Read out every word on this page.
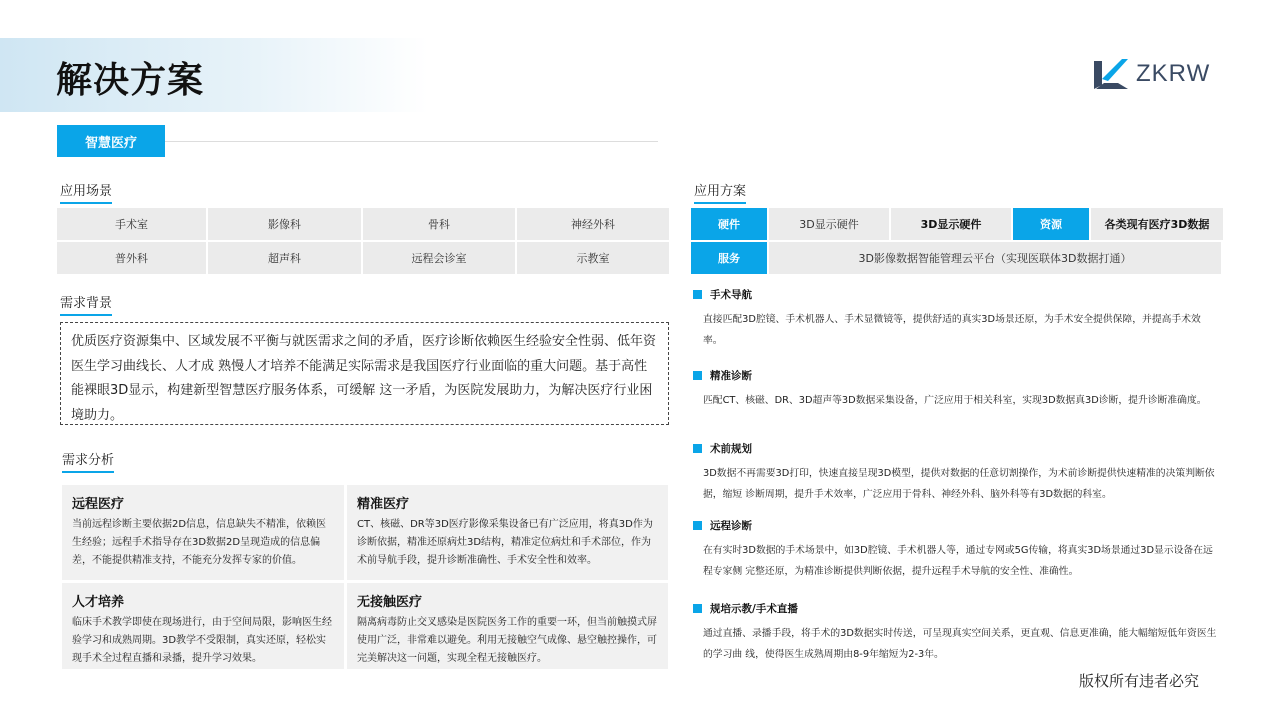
解决方案	ZKRW
智慧医疗
应用场景
手术室	影像科	骨科	神经外科
普外科	超声科	远程会诊室	示教室
需求背景
优质医疗资源集中、区域发展不平衡与就医需求之间的矛盾，医疗诊断依赖医生经验安全性弱、低年资医生学习曲线长、人才成 熟慢人才培养不能满足实际需求是我国医疗行业面临的重大问题。基于高性能裸眼3D显示，构建新型智慧医疗服务体系，可缓解 这一矛盾，为医院发展助力，为解决医疗行业困境助力。
需求分析
远程医疗
当前远程诊断主要依据2D信息，信息缺失不精准，依赖医生经验；远程手术指导存在3D数据2D呈现造成的信息偏 差，不能提供精准支持，不能充分发挥专家的价值。
精准医疗
CT、核磁、DR等3D医疗影像采集设备已有广泛应用，将真3D作为诊断依据，精准还原病灶3D结构，精准定位病灶和手术部位，作为术前导航手段，提升诊断准确性、手术安全性和效率。
人才培养
临床手术教学即使在现场进行，由于空间局限，影响医生经验学习和成熟周期。3D教学不受限制，真实还原，轻松实现手术全过程直播和录播，提升学习效果。
无接触医疗
隔离病毒防止交叉感染是医院医务工作的重要一环，但当前触摸式屏使用广泛，非常难以避免。利用无接触空气成像、悬空触控操作，可完美解决这一问题，实现全程无接触医疗。
应用方案
硬件	3D显示硬件	3D显示硬件	资源	各类现有医疗3D数据
服务	3D影像数据智能管理云平台（实现医联体3D数据打通）
手术导航
直接匹配3D腔镜、手术机器人、手术显微镜等，提供舒适的真实3D场景还原，为手术安全提供保障，并提高手术效率。
精准诊断
匹配CT、核磁、DR、3D超声等3D数据采集设备，广泛应用于相关科室，实现3D数据真3D诊断，提升诊断准确度。
术前规划
3D数据不再需要3D打印，快速直接呈现3D模型，提供对数据的任意切割操作，为术前诊断提供快速精准的决策判断依据，缩短 诊断周期，提升手术效率，广泛应用于骨科、神经外科、脑外科等有3D数据的科室。
远程诊断
在有实时3D数据的手术场景中，如3D腔镜、手术机器人等，通过专网或5G传输，将真实3D场景通过3D显示设备在远程专家侧 完整还原，为精准诊断提供判断依据，提升远程手术导航的安全性、准确性。
规培示教/手术直播
通过直播、录播手段，将手术的3D数据实时传送，可呈现真实空间关系，更直观、信息更准确，能大幅缩短低年资医生的学习曲 线，使得医生成熟周期由8-9年缩短为2-3年。
版权所有违者必究
